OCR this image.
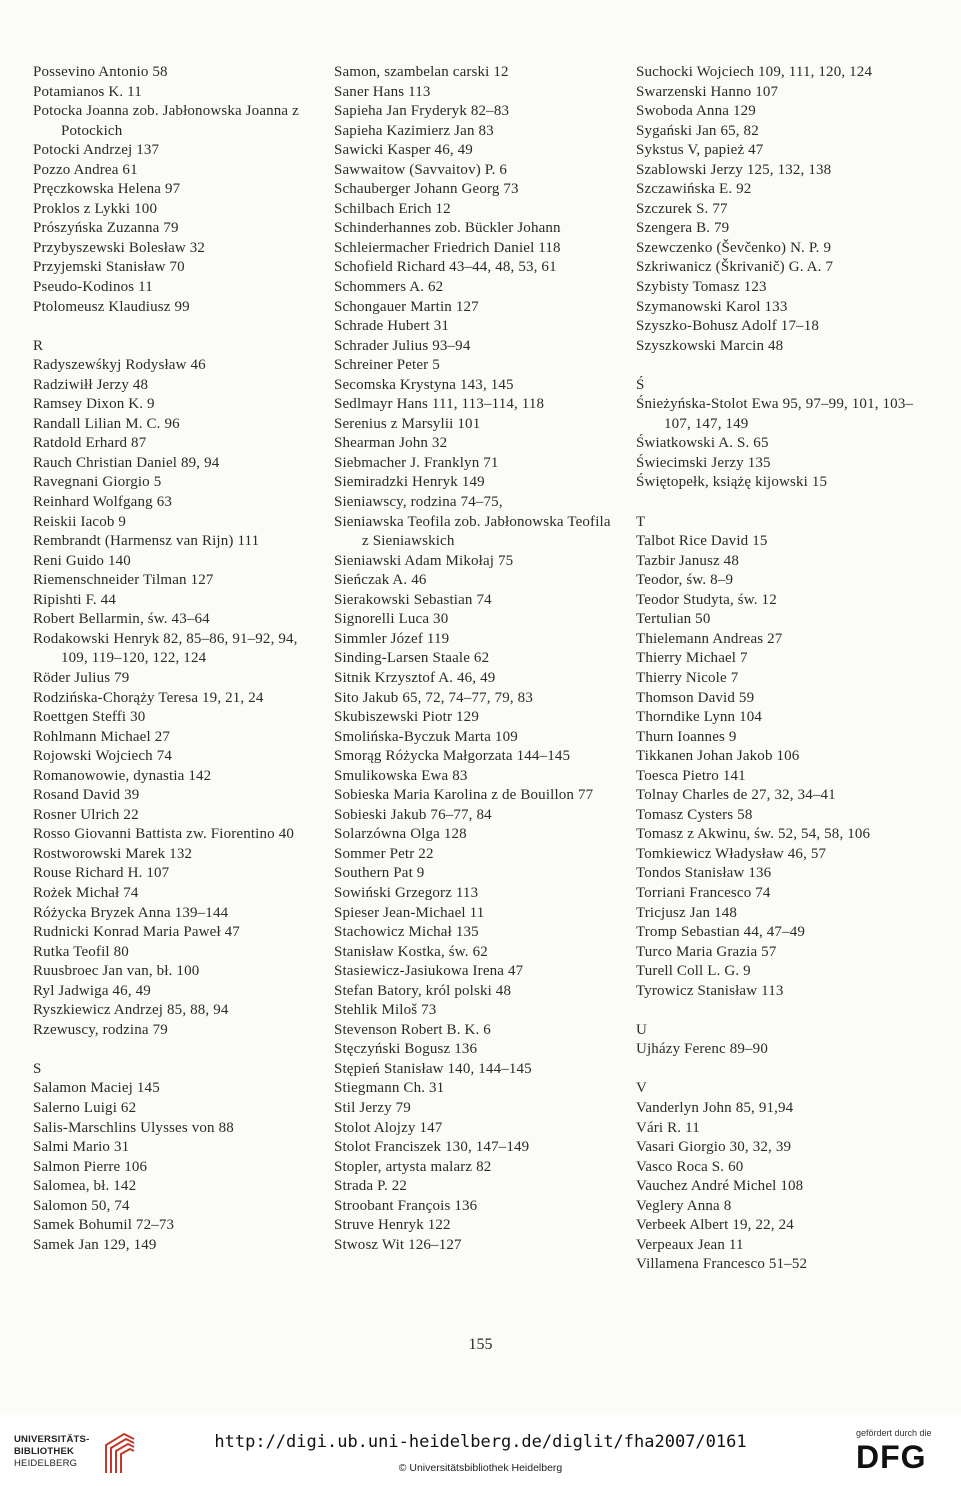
Possevino Antonio 58
Potamianos K. 11
Potocka Joanna zob. Jabłonowska Joanna z Potockich
Potocki Andrzej 137
Pozzo Andrea 61
Pręczkowska Helena 97
Proklos z Lykki 100
Prószyńska Zuzanna 79
Przybyszewski Bolesław 32
Przyjemski Stanisław 70
Pseudo-Kodinos 11
Ptolomeusz Klaudiusz 99
R
Radyszewśkyj Rodysław 46
Radziwiłł Jerzy 48
Ramsey Dixon K. 9
Randall Lilian M. C. 96
Ratdold Erhard 87
Rauch Christian Daniel 89, 94
Ravegnani Giorgio 5
Reinhard Wolfgang 63
Reiskii Iacob 9
Rembrandt (Harmensz van Rijn) 111
Reni Guido 140
Riemenschneider Tilman 127
Ripishti F. 44
Robert Bellarmin, św. 43–64
Rodakowski Henryk 82, 85–86, 91–92, 94, 109, 119–120, 122, 124
Röder Julius 79
Rodzińska-Chorąży Teresa 19, 21, 24
Roettgen Steffi 30
Rohlmann Michael 27
Rojowski Wojciech 74
Romanowowie, dynastia 142
Rosand David 39
Rosner Ulrich 22
Rosso Giovanni Battista zw. Fiorentino 40
Rostworowski Marek 132
Rouse Richard H. 107
Rożek Michał 74
Różycka Bryzek Anna 139–144
Rudnicki Konrad Maria Paweł 47
Rutka Teofil 80
Ruusbroec Jan van, bł. 100
Ryl Jadwiga 46, 49
Ryszkiewicz Andrzej 85, 88, 94
Rzewuscy, rodzina 79
S
Salamon Maciej 145
Salerno Luigi 62
Salis-Marschlins Ulysses von 88
Salmi Mario 31
Salmon Pierre 106
Salomea, bł. 142
Salomon 50, 74
Samek Bohumil 72–73
Samek Jan 129, 149
Samon, szambelan carski 12
Saner Hans 113
Sapieha Jan Fryderyk 82–83
Sapieha Kazimierz Jan 83
Sawicki Kasper 46, 49
Sawwaitow (Savvaitov) P. 6
Schauberger Johann Georg 73
Schilbach Erich 12
Schinderhannes zob. Bückler Johann
Schleiermacher Friedrich Daniel 118
Schofield Richard 43–44, 48, 53, 61
Schommers A. 62
Schongauer Martin 127
Schrade Hubert 31
Schrader Julius 93–94
Schreiner Peter 5
Secomska Krystyna 143, 145
Sedlmayr Hans 111, 113–114, 118
Serenius z Marsylii 101
Shearman John 32
Siebmacher J. Franklyn 71
Siemiradzki Henryk 149
Sieniawscy, rodzina 74–75,
Sieniawska Teofila zob. Jabłonowska Teofila z Sieniawskich
Sieniawski Adam Mikołaj 75
Sieńczak A. 46
Sierakowski Sebastian 74
Signorelli Luca 30
Simmler Józef 119
Sinding-Larsen Staale 62
Sitnik Krzysztof A. 46, 49
Sito Jakub 65, 72, 74–77, 79, 83
Skubiszewski Piotr 129
Smolińska-Byczuk Marta 109
Smorąg Różycka Małgorzata 144–145
Smulikowska Ewa 83
Sobieska Maria Karolina z de Bouillon 77
Sobieski Jakub 76–77, 84
Solarzówna Olga 128
Sommer Petr 22
Southern Pat 9
Sowiński Grzegorz 113
Spieser Jean-Michael 11
Stachowicz Michał 135
Stanisław Kostka, św. 62
Stasiewicz-Jasiukowa Irena 47
Stefan Batory, król polski 48
Stehlik Miloš 73
Stevenson Robert B. K. 6
Stęczyński Bogusz 136
Stępień Stanisław 140, 144–145
Stiegmann Ch. 31
Stil Jerzy 79
Stolot Alojzy 147
Stolot Franciszek 130, 147–149
Stopler, artysta malarz 82
Strada P. 22
Stroobant François 136
Struve Henryk 122
Stwosz Wit 126–127
Suchocki Wojciech 109, 111, 120, 124
Swarzenski Hanno 107
Swoboda Anna 129
Sygański Jan 65, 82
Sykstus V, papież 47
Szablowski Jerzy 125, 132, 138
Szczawińska E. 92
Szczurek S. 77
Szengera B. 79
Szewczenko (Ševčenko) N. P. 9
Szkriwanicz (Škrivanič) G. A. 7
Szybisty Tomasz 123
Szymanowski Karol 133
Szyszko-Bohusz Adolf 17–18
Szyszkowski Marcin 48
Ś
Śnieżyńska-Stolot Ewa 95, 97–99, 101, 103–107, 147, 149
Światkowski A. S. 65
Świecimski Jerzy 135
Świętopełk, książę kijowski 15
T
Talbot Rice David 15
Tazbir Janusz 48
Teodor, św. 8–9
Teodor Studyta, św. 12
Tertulian 50
Thielemann Andreas 27
Thierry Michael 7
Thierry Nicole 7
Thomson David 59
Thorndike Lynn 104
Thurn Ioannes 9
Tikkanen Johan Jakob 106
Toesca Pietro 141
Tolnay Charles de 27, 32, 34–41
Tomasz Cysters 58
Tomasz z Akwinu, św. 52, 54, 58, 106
Tomkiewicz Władysław 46, 57
Tondos Stanisław 136
Torriani Francesco 74
Tricjusz Jan 148
Tromp Sebastian 44, 47–49
Turco Maria Grazia 57
Turell Coll L. G. 9
Tyrowicz Stanisław 113
U
Ujházy Ferenc 89–90
V
Vanderlyn John 85, 91,94
Vári R. 11
Vasari Giorgio 30, 32, 39
Vasco Roca S. 60
Vauchez André Michel 108
Veglery Anna 8
Verbeek Albert 19, 22, 24
Verpeaux Jean 11
Villamena Francesco 51–52
155
UNIVERSITÄTS-
BIBLIOTHEK
HEIDELBERG
http://digi.ub.uni-heidelberg.de/diglit/fha2007/0161
© Universitätsbibliothek Heidelberg
gefördert durch die
DFG
